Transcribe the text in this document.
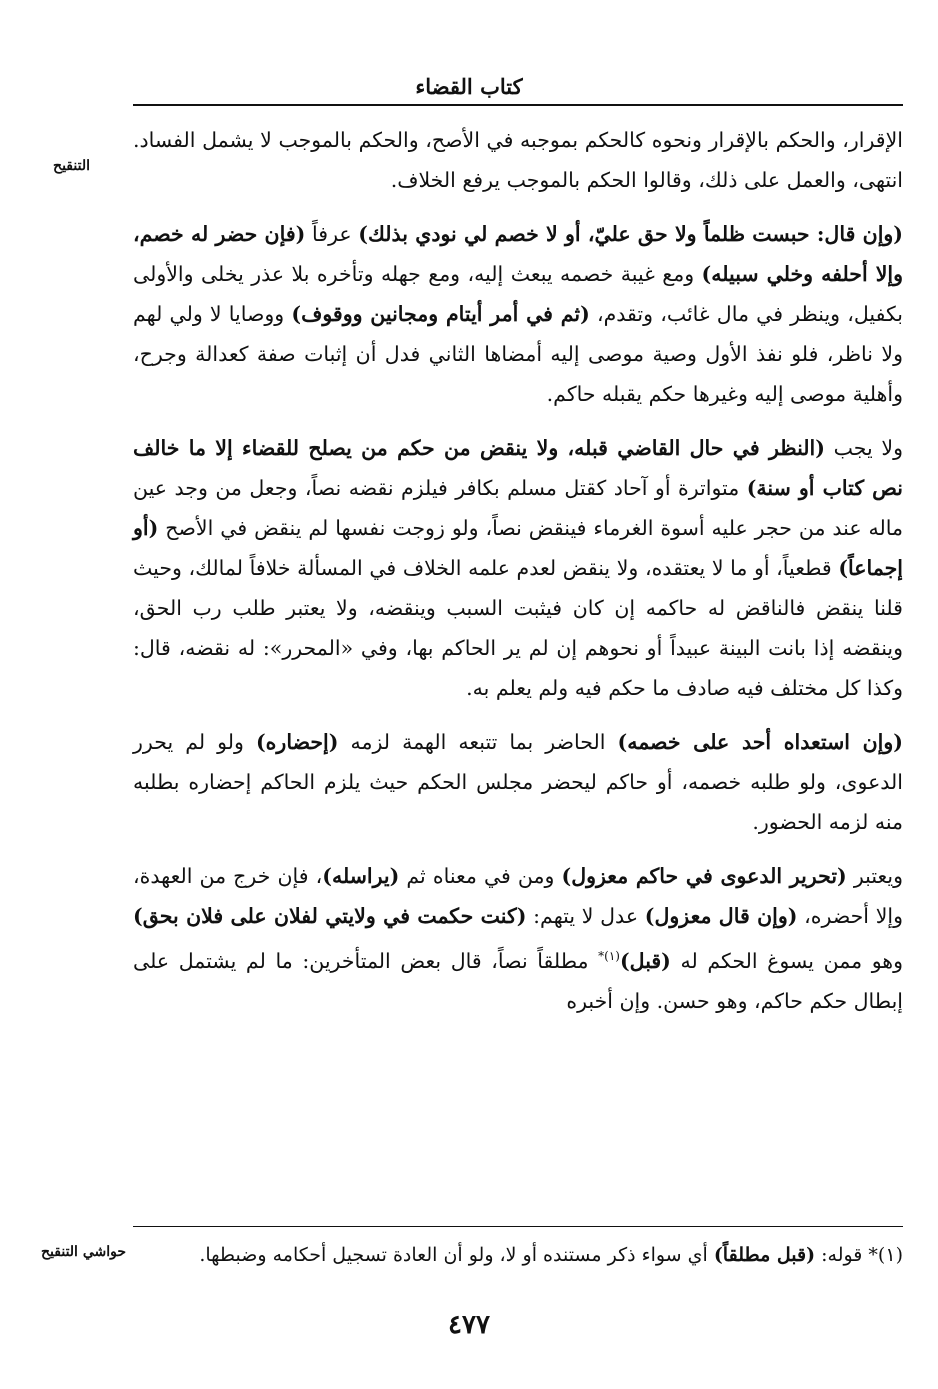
كتاب القضاء
التنقيح

الإقرار، والحكم بالإقرار ونحوه كالحكم بموجبه في الأصح، والحكم بالموجب لا يشمل الفساد. انتهى، والعمل على ذلك، وقالوا الحكم بالموجب يرفع الخلاف.

(وإن قال: حبست ظلماً ولا حق عليّ، أو لا خصم لي نودي بذلك) عرفاً (فإن حضر له خصم، وإلا أحلفه وخلي سبيله) ومع غيبة خصمه يبعث إليه، ومع جهله وتأخره بلا عذر يخلى والأولى بكفيل، وينظر في مال غائب، وتقدم، (ثم في أمر أيتام ومجانين ووقوف) ووصايا لا ولي لهم ولا ناظر، فلو نفذ الأول وصية موصى إليه أمضاها الثاني فدل أن إثبات صفة كعدالة وجرح، وأهلية موصى إليه وغيرها حكم يقبله حاكم.

ولا يجب (النظر في حال القاضي قبله، ولا ينقض من حكم من يصلح للقضاء إلا ما خالف نص كتاب أو سنة) متواترة أو آحاد كقتل مسلم بكافر فيلزم نقضه نصاً، وجعل من وجد عين ماله عند من حجر عليه أسوة الغرماء فينقض نصاً، ولو زوجت نفسها لم ينقض في الأصح (أو إجماعاً) قطعياً، أو ما لا يعتقده، ولا ينقض لعدم علمه الخلاف في المسألة خلافاً لمالك، وحيث قلنا ينقض فالناقض له حاكمه إن كان فيثبت السبب وينقضه، ولا يعتبر طلب رب الحق، وينقضه إذا بانت البينة عبيداً أو نحوهم إن لم ير الحاكم بها، وفي «المحرر»: له نقضه، قال: وكذا كل مختلف فيه صادف ما حكم فيه ولم يعلم به.

(وإن استعداه أحد على خصمه) الحاضر بما تتبعه الهمة لزمه (إحضاره) ولو لم يحرر الدعوى، ولو طلبه خصمه، أو حاكم ليحضر مجلس الحكم حيث يلزم الحاكم إحضاره بطلبه منه لزمه الحضور.

ويعتبر (تحرير الدعوى في حاكم معزول) ومن في معناه ثم (يراسله)، فإن خرج من العهدة، وإلا أحضره، (وإن قال معزول) عدل لا يتهم: (كنت حكمت في ولايتي لفلان على فلان بحق) وهو ممن يسوغ الحكم له (قبل)$^{(١)*}$ مطلقاً نصاً، قال بعض المتأخرين: ما لم يشتمل على إبطال حكم حاكم، وهو حسن. وإن أخبره

حواشي التنقيح	(١)* قوله: (قبل مطلقاً) أي سواء ذكر مستنده أو لا، ولو أن العادة تسجيل أحكامه وضبطها.

٤٧٧
